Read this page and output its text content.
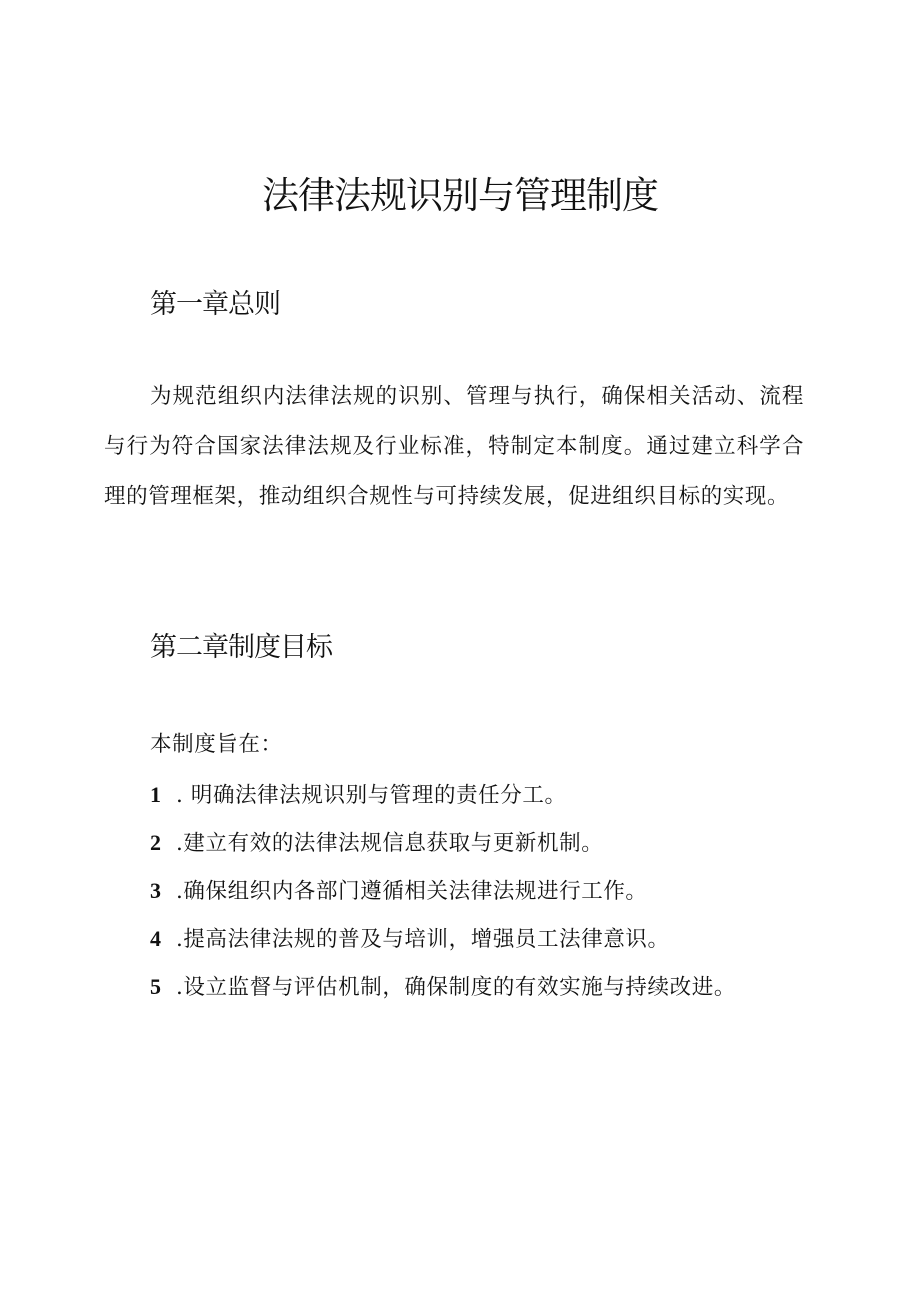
法律法规识别与管理制度
第一章总则

为规范组织内法律法规的识别、管理与执行，确保相关活动、流程与行为符合国家法律法规及行业标准，特制定本制度。通过建立科学合理的管理框架，推动组织合规性与可持续发展，促进组织目标的实现。

第二章制度目标

本制度旨在：

1 . 明确法律法规识别与管理的责任分工。
2 .建立有效的法律法规信息获取与更新机制。
3 .确保组织内各部门遵循相关法律法规进行工作。
4 .提高法律法规的普及与培训，增强员工法律意识。
5 .设立监督与评估机制，确保制度的有效实施与持续改进。
